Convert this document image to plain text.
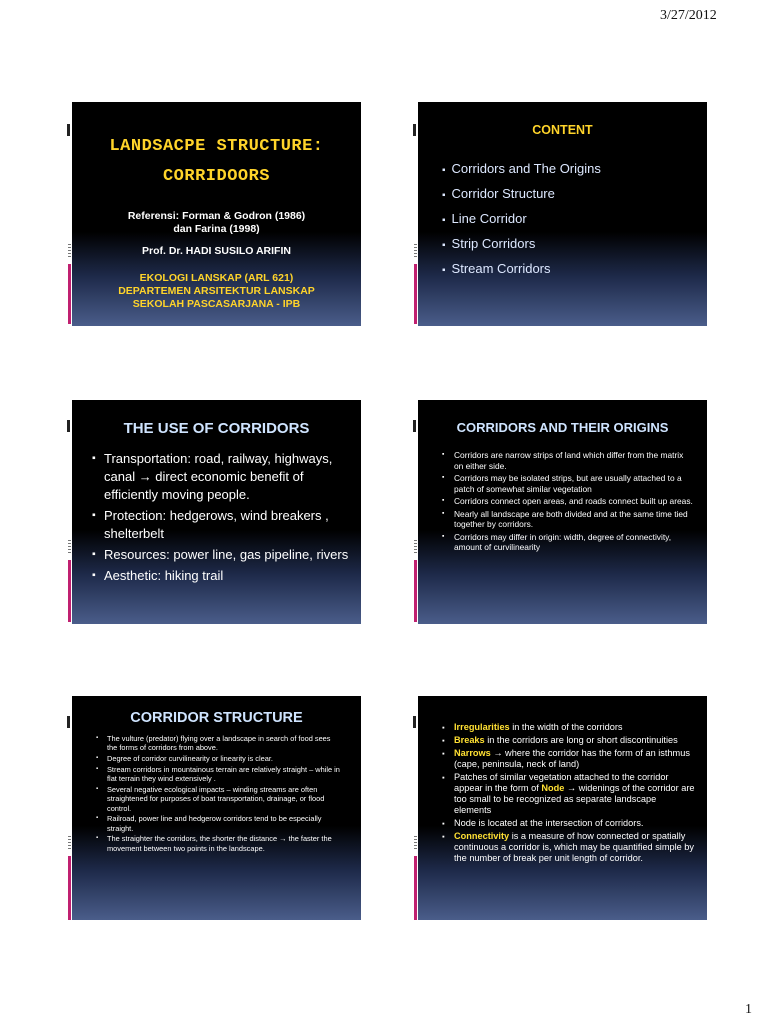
3/27/2012
LANDSACPE STRUCTURE:
CORRIDOORS
Referensi: Forman & Godron (1986)
dan Farina (1998)
Prof. Dr. HADI SUSILO ARIFIN
EKOLOGI LANSKAP (ARL 621)
DEPARTEMEN ARSITEKTUR LANSKAP
SEKOLAH PASCASARJANA - IPB
CONTENT
▪ Corridors and The Origins
▪ Corridor Structure
▪ Line Corridor
▪ Strip Corridors
▪ Stream Corridors
THE USE OF CORRIDORS
▪ Transportation: road, railway, highways, canal → direct economic benefit of efficiently moving people.
▪ Protection: hedgerows, wind breakers , shelterbelt
▪ Resources: power line, gas pipeline, rivers
▪ Aesthetic: hiking trail
CORRIDORS AND THEIR ORIGINS
▪ Corridors are narrow strips of land which differ from the matrix on either side.
▪ Corridors may be isolated strips, but are usually attached to a patch of somewhat similar vegetation
▪ Corridors connect open areas, and roads connect built up areas.
▪ Nearly all landscape are both divided and at the same time tied together by corridors.
▪ Corridors may differ in origin: width, degree of connectivity, amount of curvilinearity
CORRIDOR STRUCTURE
▪ The vulture (predator) flying over a landscape in search of food sees the forms of corridors from above.
▪ Degree of corridor curvilinearity or linearity is clear.
▪ Stream corridors in mountainous terrain are relatively straight – while in flat terrain they wind extensively .
▪ Several negative ecological impacts – winding streams are often straightened for purposes of boat transportation, drainage, or flood control.
▪ Railroad, power line and hedgerow corridors tend to be especially straight.
▪ The straighter the corridors, the shorter the distance → the faster the movement between two points in the landscape.
▪ Irregularities in the width of the corridors
▪ Breaks in the corridors are long or short discontinuities
▪ Narrows → where the corridor has the form of an isthmus (cape, peninsula, neck of land)
▪ Patches of similar vegetation attached to the corridor appear in the form of Node → widenings of the corridor are too small to be recognized as separate landscape elements
▪ Node is located at the intersection of corridors.
▪ Connectivity is a measure of how connected or spatially continuous a corridor is, which may be quantified simple by the number of break per unit length of corridor.
1
